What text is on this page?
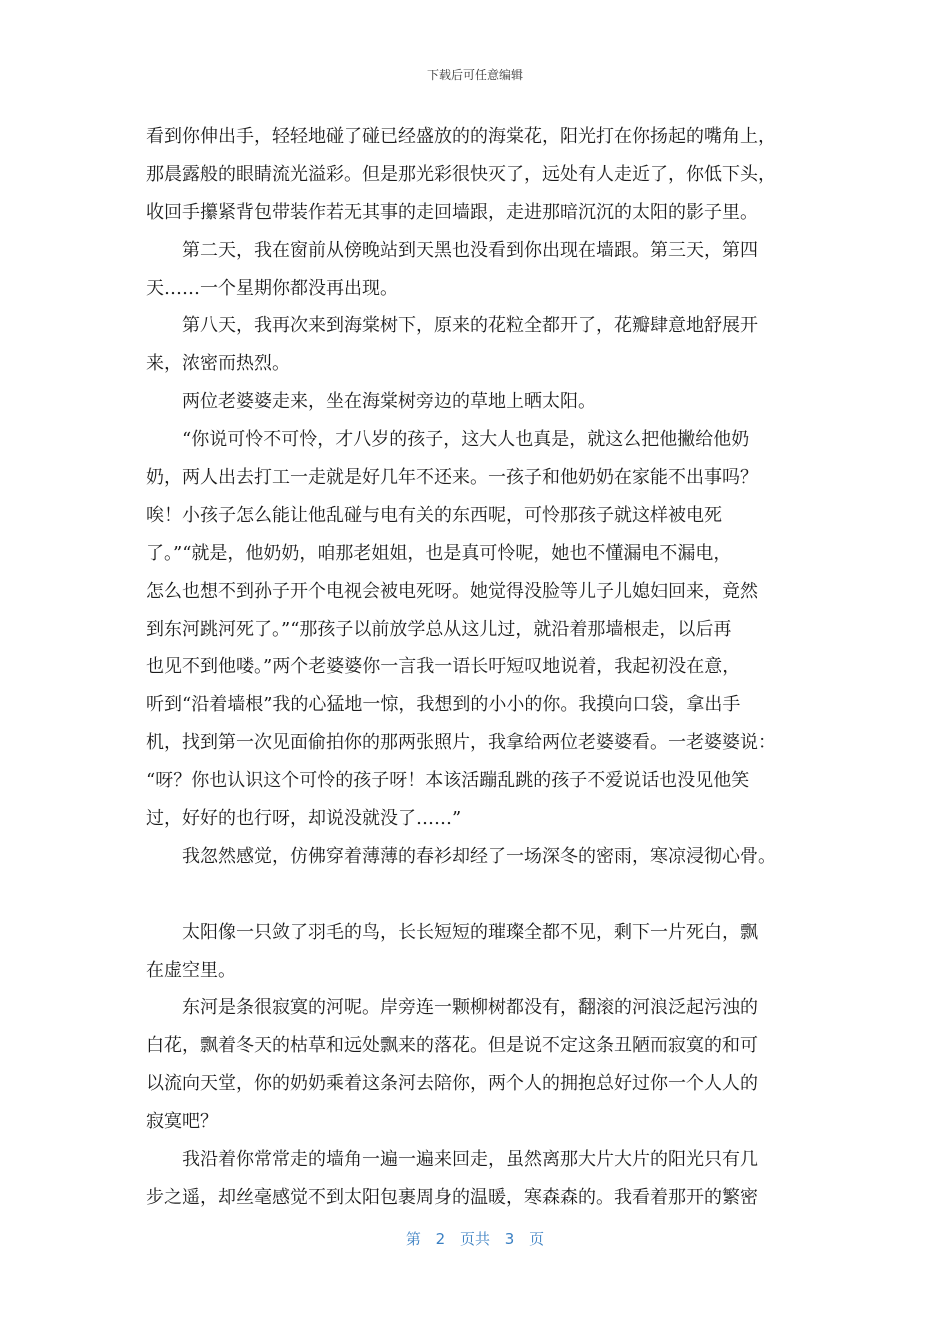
下载后可任意编辑
看到你伸出手，轻轻地碰了碰已经盛放的的海棠花，阳光打在你扬起的嘴角上，
那晨露般的眼睛流光溢彩。但是那光彩很快灭了，远处有人走近了，你低下头，
收回手攥紧背包带装作若无其事的走回墙跟，走进那暗沉沉的太阳的影子里。
　　第二天，我在窗前从傍晚站到天黑也没看到你出现在墙跟。第三天，第四
天……一个星期你都没再出现。
　　第八天，我再次来到海棠树下，原来的花粒全都开了，花瓣肆意地舒展开
来，浓密而热烈。
　　两位老婆婆走来，坐在海棠树旁边的草地上晒太阳。
　　“你说可怜不可怜，才八岁的孩子，这大人也真是，就这么把他撇给他奶
奶，两人出去打工一走就是好几年不还来。一孩子和他奶奶在家能不出事吗？
唉！小孩子怎么能让他乱碰与电有关的东西呢，可怜那孩子就这样被电死
了。”“就是，他奶奶，咱那老姐姐，也是真可怜呢，她也不懂漏电不漏电，
怎么也想不到孙子开个电视会被电死呀。她觉得没脸等儿子儿媳妇回来，竟然
到东河跳河死了。”“那孩子以前放学总从这儿过，就沿着那墙根走，以后再
也见不到他喽。”两个老婆婆你一言我一语长吁短叹地说着，我起初没在意，
听到“沿着墙根”我的心猛地一惊，我想到的小小的你。我摸向口袋，拿出手
机，找到第一次见面偷拍你的那两张照片，我拿给两位老婆婆看。一老婆婆说：
“呀？你也认识这个可怜的孩子呀！本该活蹦乱跳的孩子不爱说话也没见他笑
过，好好的也行呀，却说没就没了……”
　　我忽然感觉，仿佛穿着薄薄的春衫却经了一场深冬的密雨，寒凉浸彻心骨。
　　太阳像一只敛了羽毛的鸟，长长短短的璀璨全都不见，剩下一片死白，飘
在虚空里。
　　东河是条很寂寞的河呢。岸旁连一颗柳树都没有，翻滚的河浪泛起污浊的
白花，飘着冬天的枯草和远处飘来的落花。但是说不定这条丑陋而寂寞的和可
以流向天堂，你的奶奶乘着这条河去陪你，两个人的拥抱总好过你一个人人的
寂寞吧？
　　我沿着你常常走的墙角一遍一遍来回走，虽然离那大片大片的阳光只有几
步之遥，却丝毫感觉不到太阳包裹周身的温暖，寒森森的。我看着那开的繁密
第 2 页共 3 页
